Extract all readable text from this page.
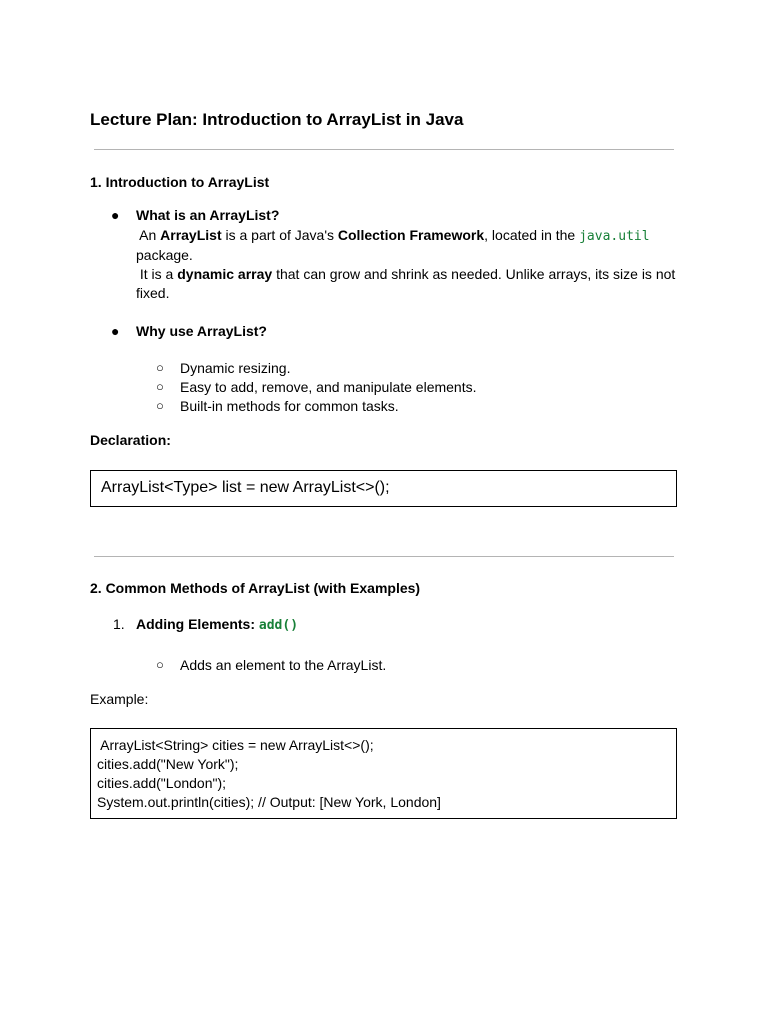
Lecture Plan: Introduction to ArrayList in Java
1. Introduction to ArrayList
● What is an ArrayList?
An ArrayList is a part of Java's Collection Framework, located in the java.util
package.
It is a dynamic array that can grow and shrink as needed. Unlike arrays, its size is not
fixed.
● Why use ArrayList?
○ Dynamic resizing.
○ Easy to add, remove, and manipulate elements.
○ Built-in methods for common tasks.
Declaration:
ArrayList<Type> list = new ArrayList<>();
2. Common Methods of ArrayList (with Examples)
1. Adding Elements: add()
○ Adds an element to the ArrayList.
Example:
ArrayList<String> cities = new ArrayList<>();
cities.add("New York");
cities.add("London");
System.out.println(cities); // Output: [New York, London]
